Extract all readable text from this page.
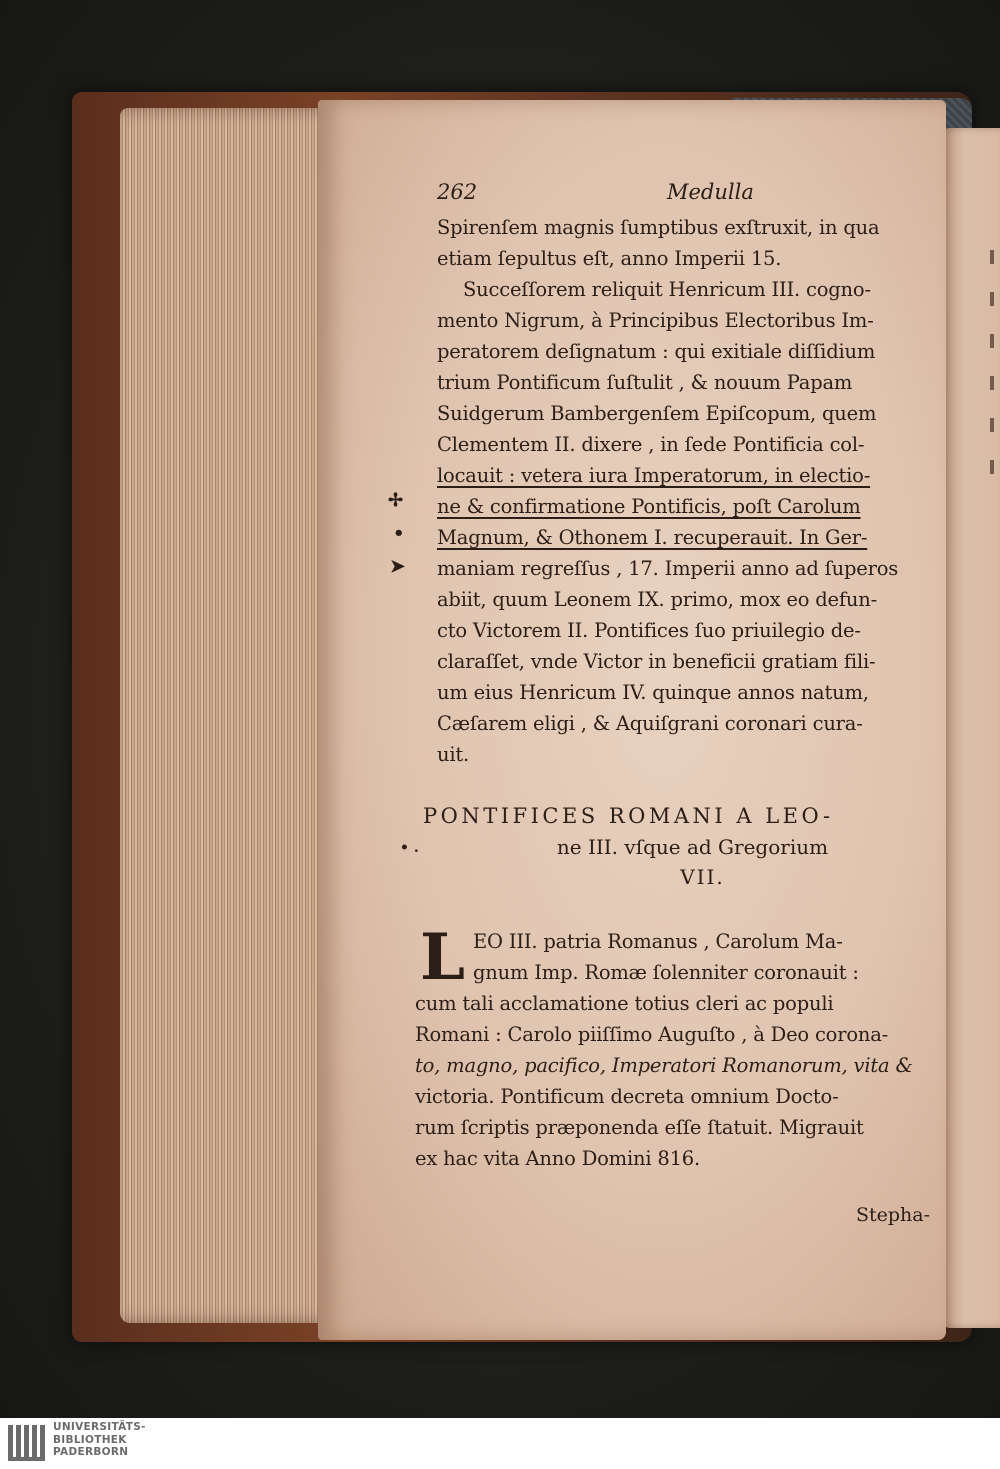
✢
•
➤
• .
262	Medulla
Spirenſem magnis ſumptibus exſtruxit, in qua
etiam ſepultus eſt, anno Imperii 15.
Succeſſorem reliquit Henricum III. cogno-
mento Nigrum, à Principibus Electoribus Im-
peratorem deſignatum : qui exitiale diſſidium
trium Pontificum ſuſtulit , & nouum Papam
Suidgerum Bambergenſem Epiſcopum, quem
Clementem II. dixere , in ſede Pontificia col-
locauit : vetera iura Imperatorum, in electio-
ne & confirmatione Pontificis, poſt Carolum
Magnum, & Othonem I. recuperauit. In Ger-
maniam regreſſus , 17. Imperii anno ad ſuperos
abiit, quum Leonem IX. primo, mox eo defun-
cto Victorem II. Pontifices ſuo priuilegio de-
claraſſet, vnde Victor in beneficii gratiam fili-
um eius Henricum IV. quinque annos natum,
Cæſarem eligi , & Aquiſgrani coronari cura-
uit.
PONTIFICES ROMANI A LEO-
ne III. vſque ad Gregorium
VII.
L EO III. patria Romanus , Carolum Ma-
gnum Imp. Romæ ſolenniter coronauit :
cum tali acclamatione totius cleri ac populi
Romani : Carolo piiſſimo Auguſto , à Deo corona-
to, magno, pacifico, Imperatori Romanorum, vita &
victoria. Pontificum decreta omnium Docto-
rum ſcriptis præponenda eſſe ſtatuit. Migrauit
ex hac vita Anno Domini 816.
Stepha-
UNIVERSITÄTS-
BIBLIOTHEK
PADERBORN
